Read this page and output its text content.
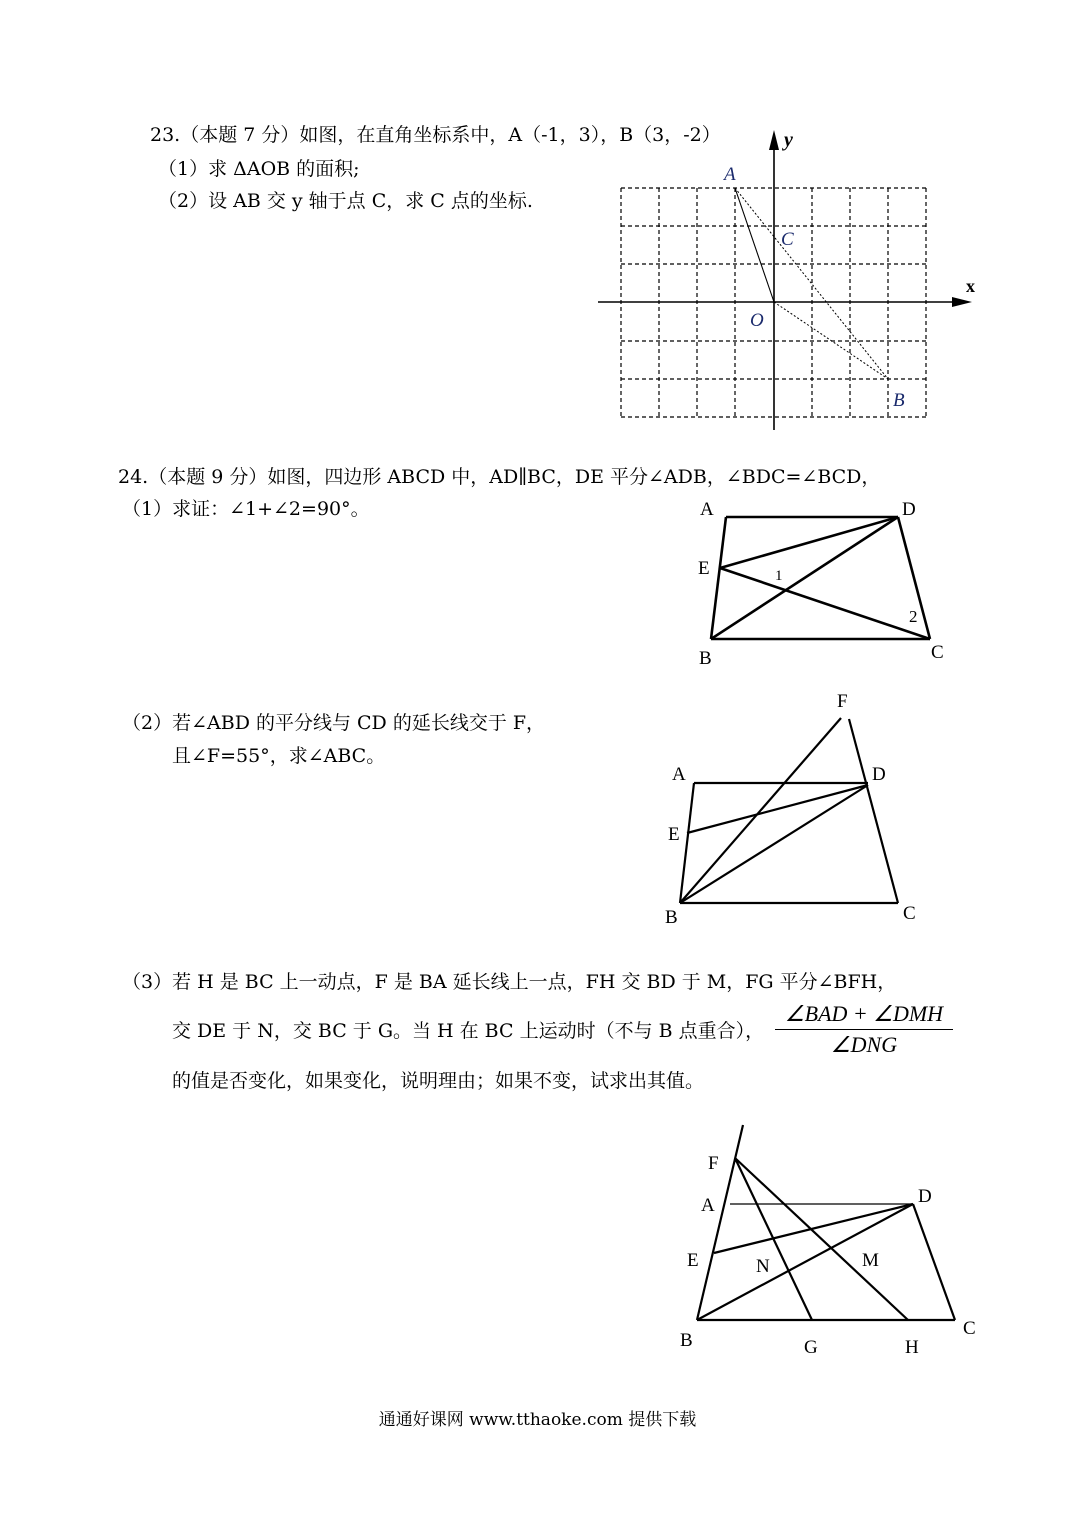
23.（本题 7 分）如图，在直角坐标系中，A（-1，3），B（3，-2）
（1）求 ΔAOB 的面积;
（2）设 AB 交 y 轴于点 C，求 C 点的坐标.
y
x
A
C
O
B
24.（本题 9 分）如图，四边形 ABCD 中，AD∥BC，DE 平分∠ADB，∠BDC=∠BCD，
（1）求证：∠1+∠2=90°。	A	D
E	1
2
B	C
（2）若∠ABD 的平分线与 CD 的延长线交于 F，
且∠F=55°，求∠ABC。
F
A	D
E
B	C
（3）若 H 是 BC 上一动点，F 是 BA 延长线上一点，FH 交 BD 于 M，FG 平分∠BFH，
交 DE 于 N，交 BC 于 G。当 H 在 BC 上运动时（不与 B 点重合），
∠BAD + ∠DMH
∠DNG
的值是否变化，如果变化，说明理由；如果不变，试求出其值。
F
A	D
E	N	M
B	G	H
C
通通好课网 www.tthaoke.com 提供下载
